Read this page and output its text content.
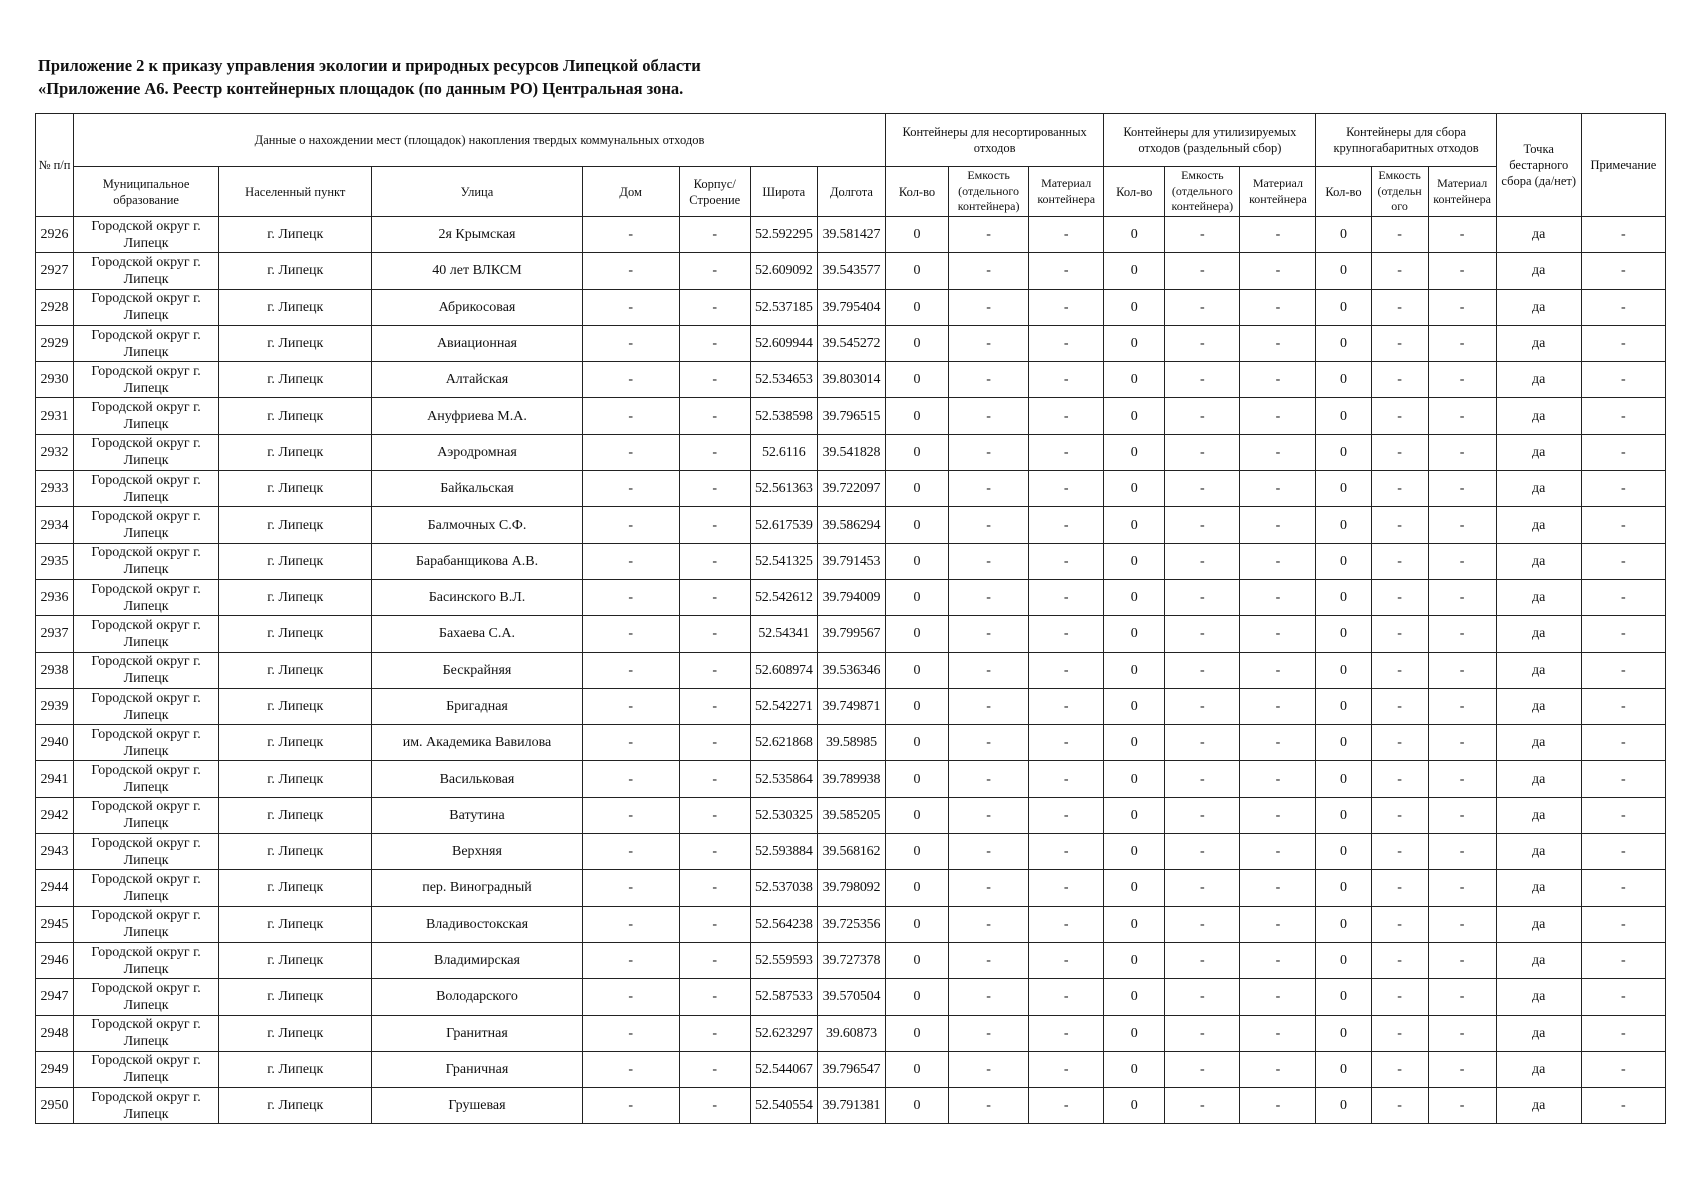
Приложение 2 к приказу управления экологии и природных ресурсов Липецкой области
«Приложение А6. Реестр контейнерных площадок (по данным РО) Центральная зона.
№ п/п	Данные о нахождении мест (площадок) накопления твердых коммунальных отходов							Контейнеры для несортированных отходов			Контейнеры для утилизируемых отходов (раздельный сбор)			Контейнеры для сбора крупногабаритных отходов			Точка бестарного сбора (да/нет)	Примечание
	Муниципальное образование	Населенный пункт	Улица	Дом	Корпус/ Строение	Широта	Долгота	Кол-во	Емкость (отдельного контейнера)	Материал контейнера	Кол-во	Емкость (отдельного контейнера)	Материал контейнера	Кол-во	Емкость (отдельн ого	Материал контейнера		
2926	Городской округ г. Липецк	г. Липецк	2я Крымская	-	-	52.592295	39.581427	0	-	-	0	-	-	0	-	-	да	-
2927	Городской округ г. Липецк	г. Липецк	40 лет ВЛКСМ	-	-	52.609092	39.543577	0	-	-	0	-	-	0	-	-	да	-
2928	Городской округ г. Липецк	г. Липецк	Абрикосовая	-	-	52.537185	39.795404	0	-	-	0	-	-	0	-	-	да	-
2929	Городской округ г. Липецк	г. Липецк	Авиационная	-	-	52.609944	39.545272	0	-	-	0	-	-	0	-	-	да	-
2930	Городской округ г. Липецк	г. Липецк	Алтайская	-	-	52.534653	39.803014	0	-	-	0	-	-	0	-	-	да	-
2931	Городской округ г. Липецк	г. Липецк	Ануфриева М.А.	-	-	52.538598	39.796515	0	-	-	0	-	-	0	-	-	да	-
2932	Городской округ г. Липецк	г. Липецк	Аэродромная	-	-	52.6116	39.541828	0	-	-	0	-	-	0	-	-	да	-
2933	Городской округ г. Липецк	г. Липецк	Байкальская	-	-	52.561363	39.722097	0	-	-	0	-	-	0	-	-	да	-
2934	Городской округ г. Липецк	г. Липецк	Балмочных С.Ф.	-	-	52.617539	39.586294	0	-	-	0	-	-	0	-	-	да	-
2935	Городской округ г. Липецк	г. Липецк	Барабанщикова А.В.	-	-	52.541325	39.791453	0	-	-	0	-	-	0	-	-	да	-
2936	Городской округ г. Липецк	г. Липецк	Басинского В.Л.	-	-	52.542612	39.794009	0	-	-	0	-	-	0	-	-	да	-
2937	Городской округ г. Липецк	г. Липецк	Бахаева С.А.	-	-	52.54341	39.799567	0	-	-	0	-	-	0	-	-	да	-
2938	Городской округ г. Липецк	г. Липецк	Бескрайняя	-	-	52.608974	39.536346	0	-	-	0	-	-	0	-	-	да	-
2939	Городской округ г. Липецк	г. Липецк	Бригадная	-	-	52.542271	39.749871	0	-	-	0	-	-	0	-	-	да	-
2940	Городской округ г. Липецк	г. Липецк	им. Академика Вавилова	-	-	52.621868	39.58985	0	-	-	0	-	-	0	-	-	да	-
2941	Городской округ г. Липецк	г. Липецк	Васильковая	-	-	52.535864	39.789938	0	-	-	0	-	-	0	-	-	да	-
2942	Городской округ г. Липецк	г. Липецк	Ватутина	-	-	52.530325	39.585205	0	-	-	0	-	-	0	-	-	да	-
2943	Городской округ г. Липецк	г. Липецк	Верхняя	-	-	52.593884	39.568162	0	-	-	0	-	-	0	-	-	да	-
2944	Городской округ г. Липецк	г. Липецк	пер. Виноградный	-	-	52.537038	39.798092	0	-	-	0	-	-	0	-	-	да	-
2945	Городской округ г. Липецк	г. Липецк	Владивостокская	-	-	52.564238	39.725356	0	-	-	0	-	-	0	-	-	да	-
2946	Городской округ г. Липецк	г. Липецк	Владимирская	-	-	52.559593	39.727378	0	-	-	0	-	-	0	-	-	да	-
2947	Городской округ г. Липецк	г. Липецк	Володарского	-	-	52.587533	39.570504	0	-	-	0	-	-	0	-	-	да	-
2948	Городской округ г. Липецк	г. Липецк	Гранитная	-	-	52.623297	39.60873	0	-	-	0	-	-	0	-	-	да	-
2949	Городской округ г. Липецк	г. Липецк	Граничная	-	-	52.544067	39.796547	0	-	-	0	-	-	0	-	-	да	-
2950	Городской округ г. Липецк	г. Липецк	Грушевая	-	-	52.540554	39.791381	0	-	-	0	-	-	0	-	-	да	-
